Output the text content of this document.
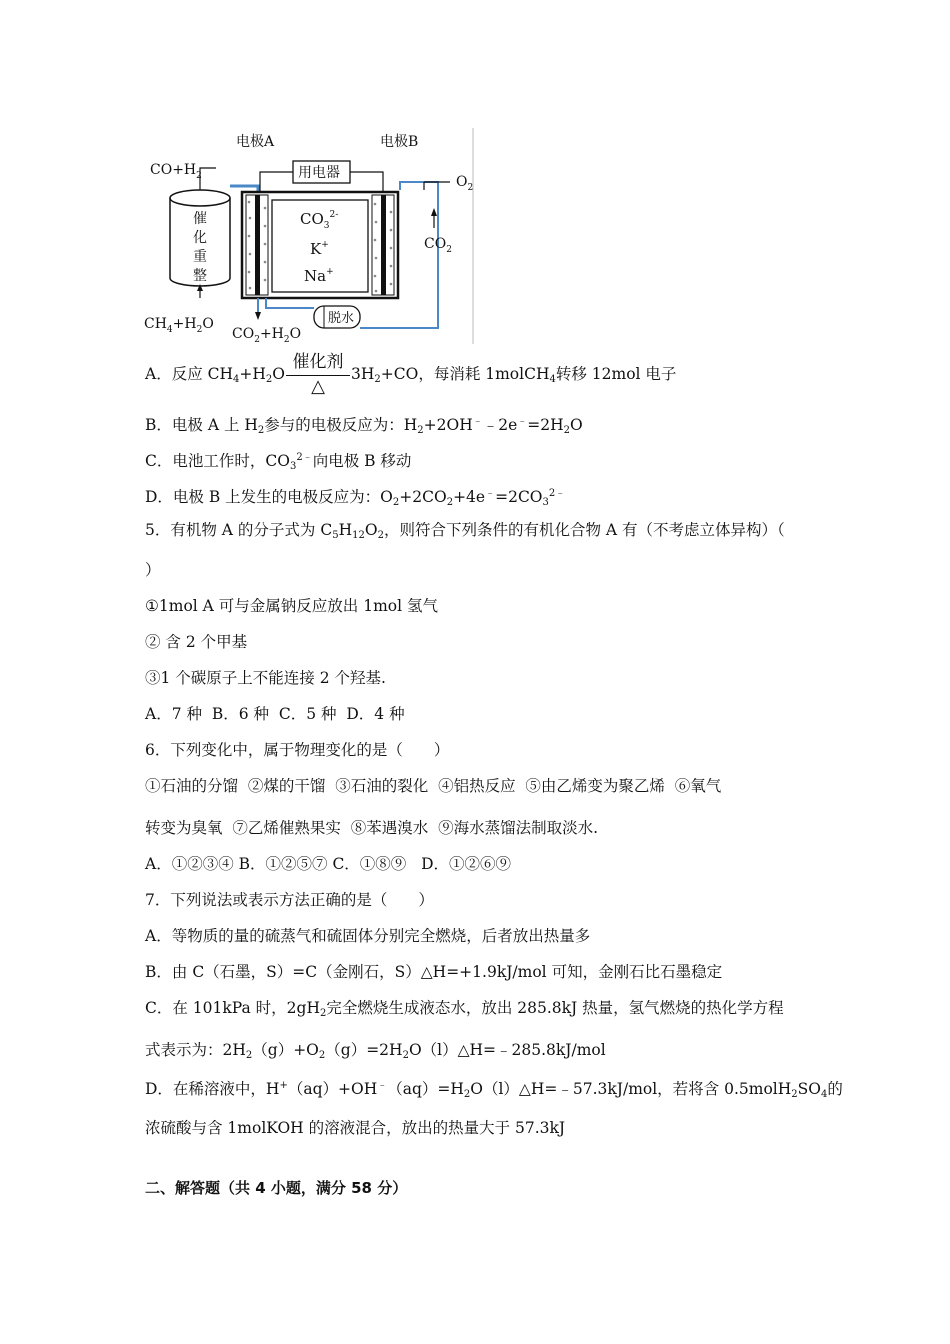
催
化
重
整
$CO+H_2$
$CH_4+H_2O$
电极A	电极B
用电器
$CO_3^{2-}$
K+
Na+
$O_2$
$CO_2$
$CO_2+H_2O$
脱水
A．反应 $CH_4+H_2O \frac{\text{催化剂}}{\triangle} 3H_2+CO$，每消耗 1molCH$_4$转移 12mol 电子
B．电极 A 上 $H_2$参与的电极反应为：$H_2+2OH^﹣﹣2e^﹣=2H_2O$
C．电池工作时，$CO_3^{2﹣}$向电极 B 移动
D．电极 B 上发生的电极反应为：$O_2+2CO_2+4e^﹣=2CO_3^{2﹣}$
5．有机物 A 的分子式为 $C_5H_{12}O_2$，则符合下列条件的有机化合物 A 有（不考虑立体异构）（
）
①1mol A 可与金属钠反应放出 1mol 氢气
② 含 2 个甲基
③1 个碳原子上不能连接 2 个羟基.
A．7 种  B．6 种  C．5 种  D．4 种
6．下列变化中，属于物理变化的是（　　）
①石油的分馏  ②煤的干馏  ③石油的裂化  ④铝热反应  ⑤由乙烯变为聚乙烯  ⑥氧气
转变为臭氧  ⑦乙烯催熟果实  ⑧苯遇溴水  ⑨海水蒸馏法制取淡水.
A．①②③④ B．①②⑤⑦ C．①⑧⑨   D．①②⑥⑨
7．下列说法或表示方法正确的是（　　）
A．等物质的量的硫蒸气和硫固体分别完全燃烧，后者放出热量多
B．由 C（石墨，S）=C（金刚石，S）△H=+1.9kJ/mol 可知，金刚石比石墨稳定
C．在 101kPa 时，$2gH_2$完全燃烧生成液态水，放出 285.8kJ 热量，氢气燃烧的热化学方程
式表示为：$2H_2(g)+O_2(g)=2H_2O(l)\triangle H=﹣285.8kJ$/mol
D．在稀溶液中，$H^+(aq)+OH^﹣(aq)=H_2O(l)\triangle H=﹣57.3kJ$/mol，若将含 $0.5molH_2SO_4$的
浓硫酸与含 1molKOH 的溶液混合，放出的热量大于 57.3kJ
二、解答题（共 4 小题，满分 58 分）
